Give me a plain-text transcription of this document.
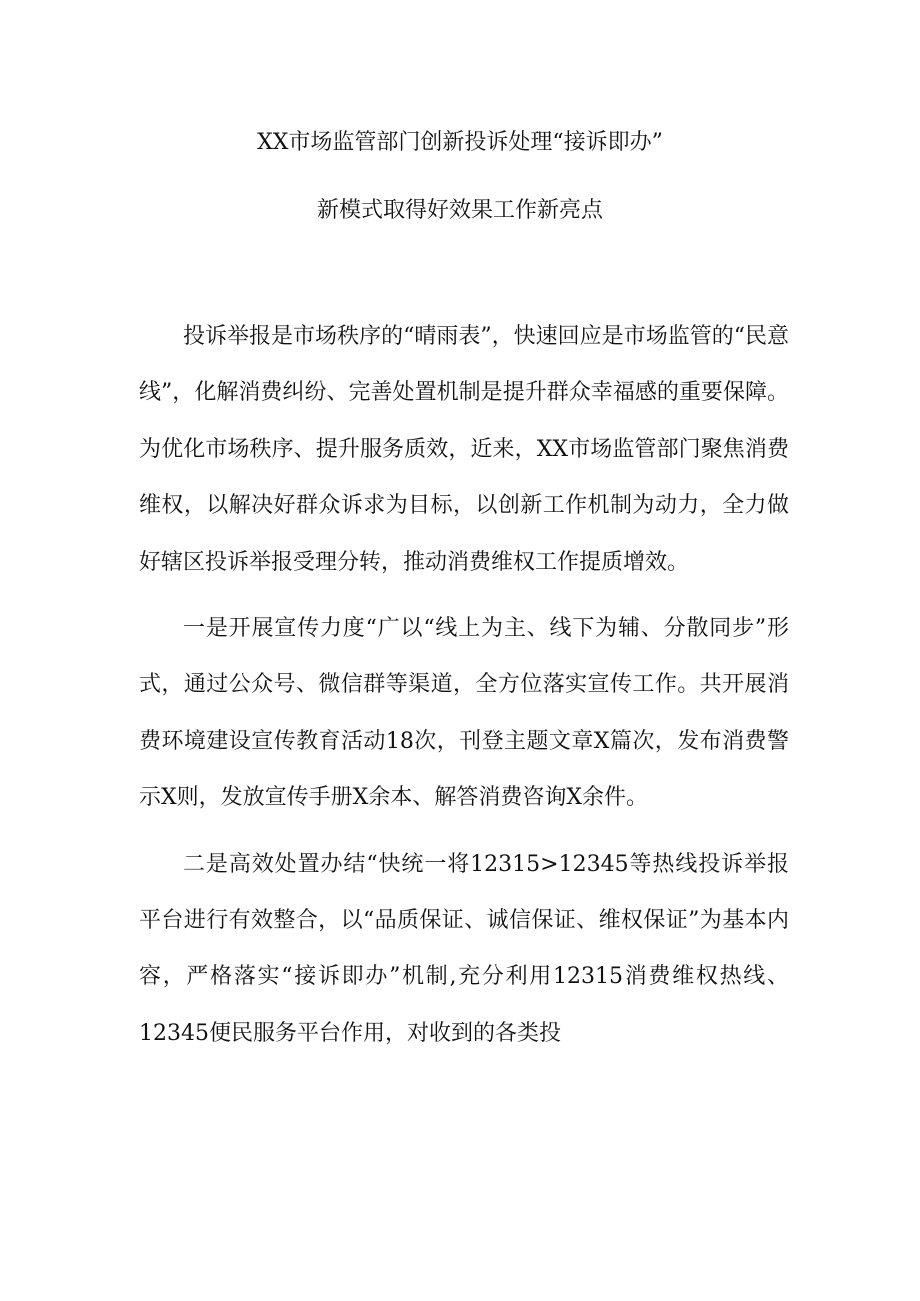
XX市场监管部门创新投诉处理“接诉即办”
新模式取得好效果工作新亮点

投诉举报是市场秩序的“晴雨表”，快速回应是市场监管的“民意线”，化解消费纠纷、完善处置机制是提升群众幸福感的重要保障。为优化市场秩序、提升服务质效，近来，XX市场监管部门聚焦消费维权，以解决好群众诉求为目标，以创新工作机制为动力，全力做好辖区投诉举报受理分转，推动消费维权工作提质增效。

一是开展宣传力度“广以“线上为主、线下为辅、分散同步”形式，通过公众号、微信群等渠道，全方位落实宣传工作。共开展消费环境建设宣传教育活动18次，刊登主题文章X篇次，发布消费警示X则，发放宣传手册X余本、解答消费咨询X余件。

二是高效处置办结“快统一将12315>12345等热线投诉举报平台进行有效整合，以“品质保证、诚信保证、维权保证”为基本内容，严格落实“接诉即办”机制,充分利用12315消费维权热线、12345便民服务平台作用，对收到的各类投
